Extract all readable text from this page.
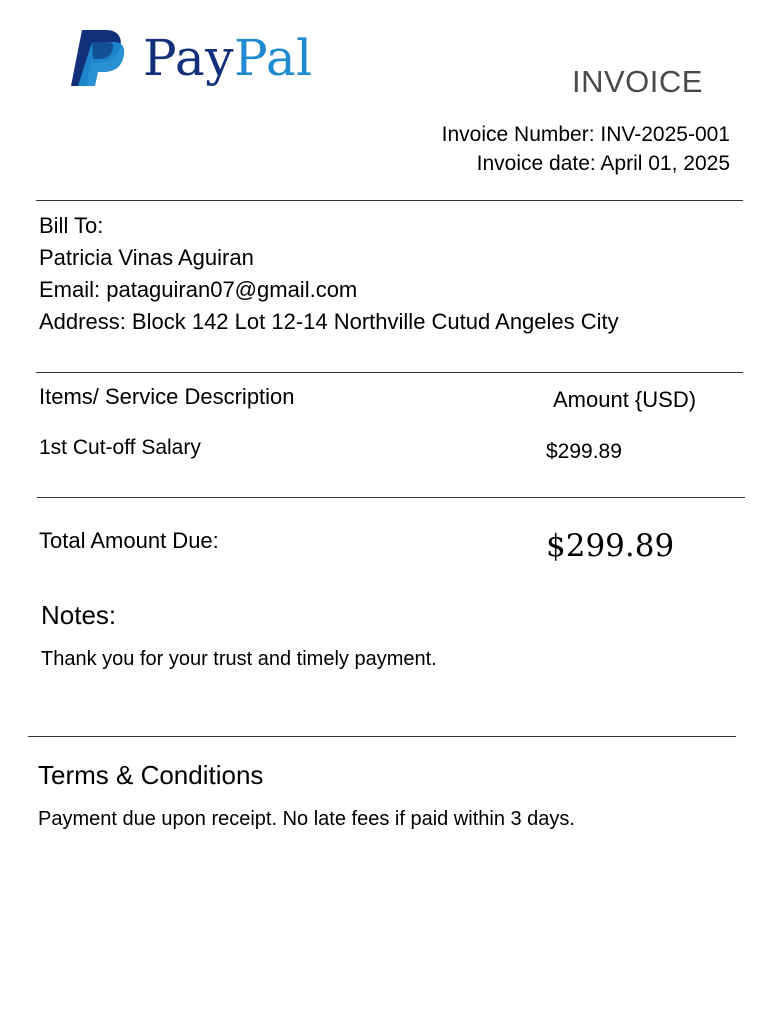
PayPal	INVOICE
Invoice Number: INV-2025-001
Invoice date: April 01, 2025
Bill To:
Patricia Vinas Aguiran
Email: pataguiran07@gmail.com
Address: Block 142 Lot 12-14 Northville Cutud Angeles City
Items/ Service Description	Amount {USD)
1st Cut-off Salary	$299.89
Total Amount Due:	$299.89
Notes:
Thank you for your trust and timely payment.
Terms & Conditions
Payment due upon receipt. No late fees if paid within 3 days.
